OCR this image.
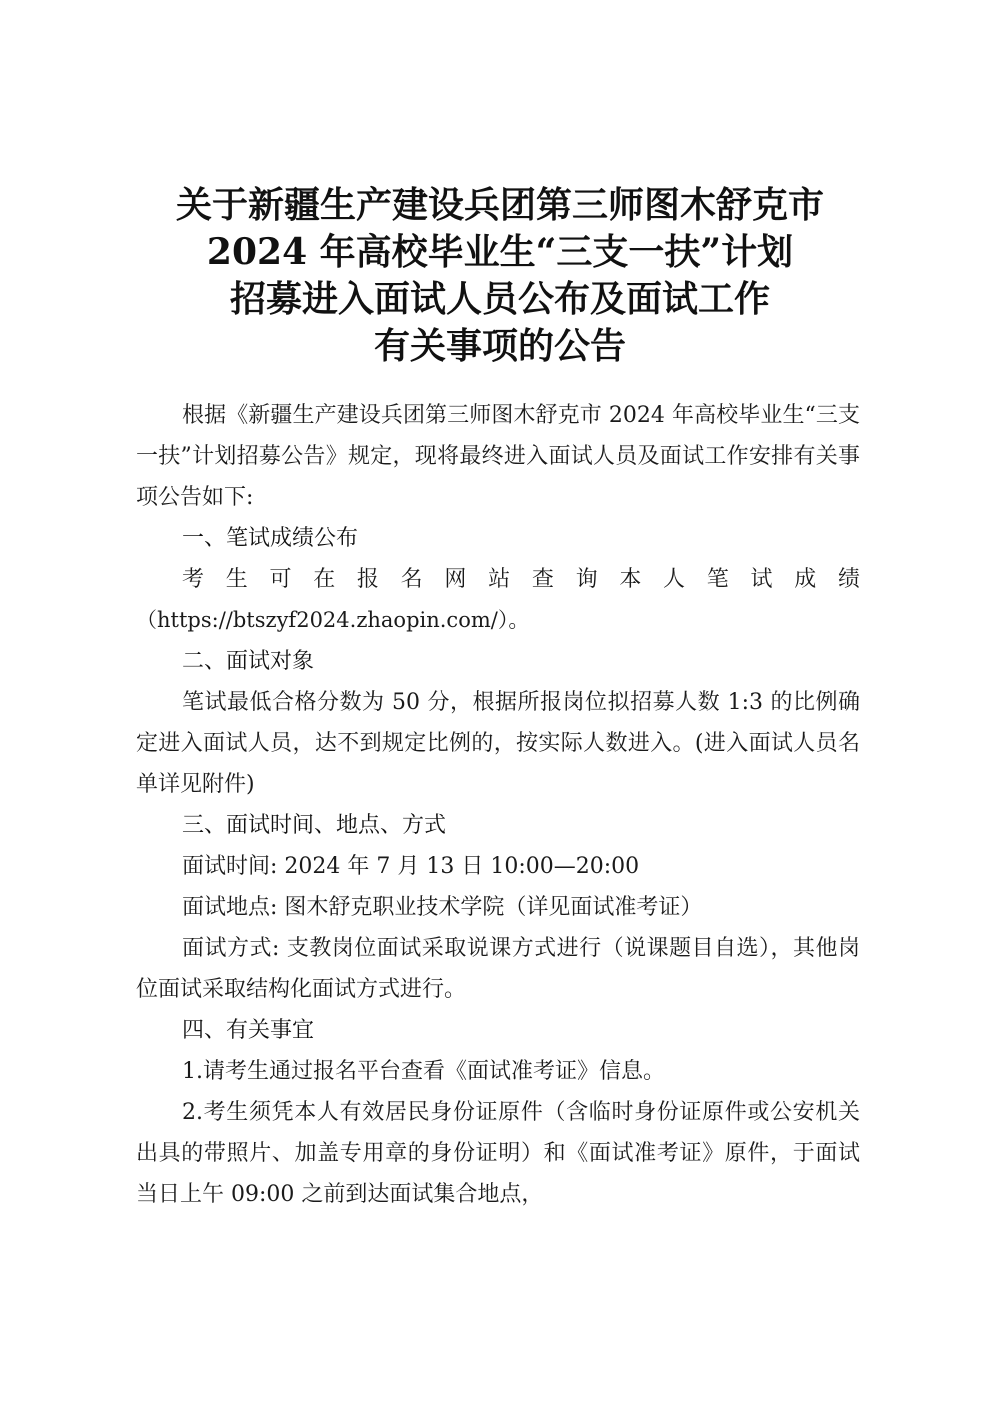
关于新疆生产建设兵团第三师图木舒克市
2024 年高校毕业生“三支一扶”计划
招募进入面试人员公布及面试工作
有关事项的公告

根据《新疆生产建设兵团第三师图木舒克市 2024 年高校毕业生“三支一扶”计划招募公告》规定，现将最终进入面试人员及面试工作安排有关事项公告如下:

一、笔试成绩公布

考生可在报名网站查询本人笔试成绩

（https://btszyf2024.zhaopin.com/）。

二、面试对象

笔试最低合格分数为 50 分，根据所报岗位拟招募人数 1:3 的比例确定进入面试人员，达不到规定比例的，按实际人数进入。(进入面试人员名单详见附件)

三、面试时间、地点、方式

面试时间: 2024 年 7 月 13 日 10:00—20:00

面试地点: 图木舒克职业技术学院（详见面试准考证）

面试方式: 支教岗位面试采取说课方式进行（说课题目自选），其他岗位面试采取结构化面试方式进行。

四、有关事宜

1.请考生通过报名平台查看《面试准考证》信息。

2.考生须凭本人有效居民身份证原件（含临时身份证原件或公安机关出具的带照片、加盖专用章的身份证明）和《面试准考证》原件，于面试当日上午 09:00 之前到达面试集合地点，
